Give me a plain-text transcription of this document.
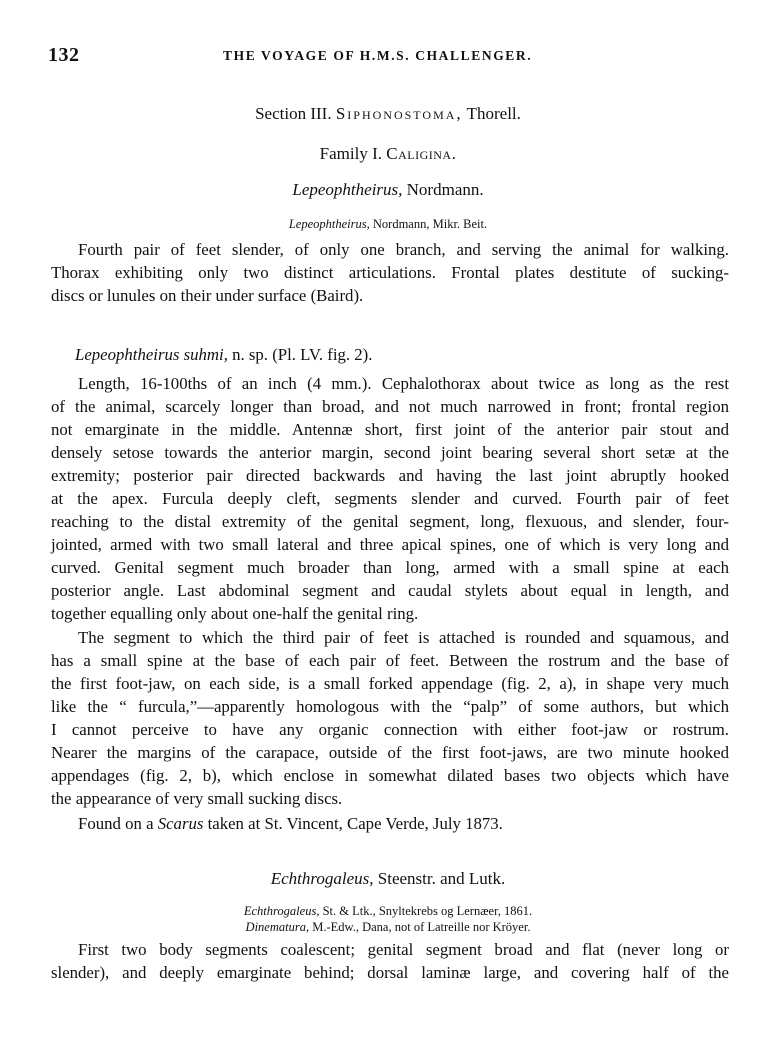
132	THE VOYAGE OF H.M.S. CHALLENGER.
Section III. Siphonostoma, Thorell.
Family I. Caligina.
Lepeophtheirus, Nordmann.
Lepeophtheirus, Nordmann, Mikr. Beit.
Fourth pair of feet slender, of only one branch, and serving the animal for walking.
Thorax exhibiting only two distinct articulations. Frontal plates destitute of sucking-
discs or lunules on their under surface (Baird).
Lepeophtheirus suhmi, n. sp. (Pl. LV. fig. 2).
Length, 16-100ths of an inch (4 mm.). Cephalothorax about twice as long as the rest
of the animal, scarcely longer than broad, and not much narrowed in front; frontal region
not emarginate in the middle. Antennæ short, first joint of the anterior pair stout and
densely setose towards the anterior margin, second joint bearing several short setæ at the
extremity; posterior pair directed backwards and having the last joint abruptly hooked
at the apex. Furcula deeply cleft, segments slender and curved. Fourth pair of feet
reaching to the distal extremity of the genital segment, long, flexuous, and slender, four-
jointed, armed with two small lateral and three apical spines, one of which is very long and
curved. Genital segment much broader than long, armed with a small spine at each
posterior angle. Last abdominal segment and caudal stylets about equal in length, and
together equalling only about one-half the genital ring.
The segment to which the third pair of feet is attached is rounded and squamous, and
has a small spine at the base of each pair of feet. Between the rostrum and the base of
the first foot-jaw, on each side, is a small forked appendage (fig. 2, a), in shape very much
like the “ furcula,”—apparently homologous with the “palp” of some authors, but which
I cannot perceive to have any organic connection with either foot-jaw or rostrum.
Nearer the margins of the carapace, outside of the first foot-jaws, are two minute hooked
appendages (fig. 2, b), which enclose in somewhat dilated bases two objects which have
the appearance of very small sucking discs.
Found on a Scarus taken at St. Vincent, Cape Verde, July 1873.
Echthrogaleus, Steenstr. and Lutk.
Echthrogaleus, St. & Ltk., Snyltekrebs og Lernæer, 1861.
Dinematura, M.-Edw., Dana, not of Latreille nor Kröyer.
First two body segments coalescent; genital segment broad and flat (never long or
slender), and deeply emarginate behind; dorsal laminæ large, and covering half of the
